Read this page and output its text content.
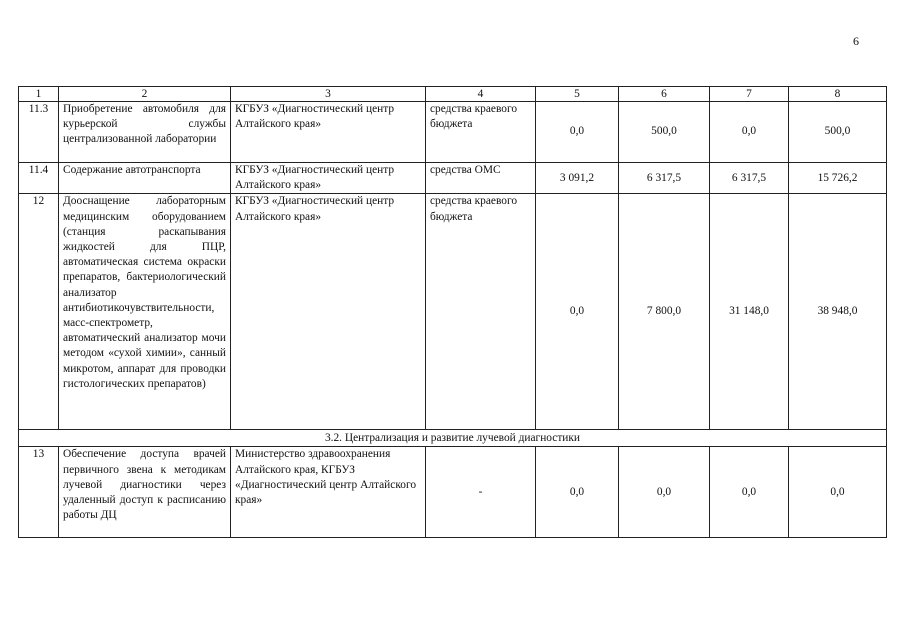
6
1	2	3	4	5	6	7	8
11.3	Приобретение автомобиля для курьерской службы централизованной лаборатории	КГБУЗ «Диагностический центр Алтайского края»	средства краевого бюджета	0,0	500,0	0,0	500,0
11.4	Содержание автотранспорта	КГБУЗ «Диагностический центр Алтайского края»	средства ОМС	3 091,2	6 317,5	6 317,5	15 726,2
12	Дооснащение лабораторным медицинским оборудованием (станция раскапывания жидкостей для ПЦР, автоматическая система окраски препаратов, бактериологический анализатор антибиотикочувствительности, масс-спектрометр, автоматический анализатор мочи методом «сухой химии», санный микротом, аппарат для проводки гистологических препаратов)	КГБУЗ «Диагностический центр Алтайского края»	средства краевого бюджета	0,0	7 800,0	31 148,0	38 948,0
3.2. Централизация и развитие лучевой диагностики							
13	Обеспечение доступа врачей первичного звена к методикам лучевой диагностики через удаленный доступ к расписанию работы ДЦ	Министерство здравоохранения Алтайского края, КГБУЗ «Диагностический центр Алтайского края»	-	0,0	0,0	0,0	0,0
